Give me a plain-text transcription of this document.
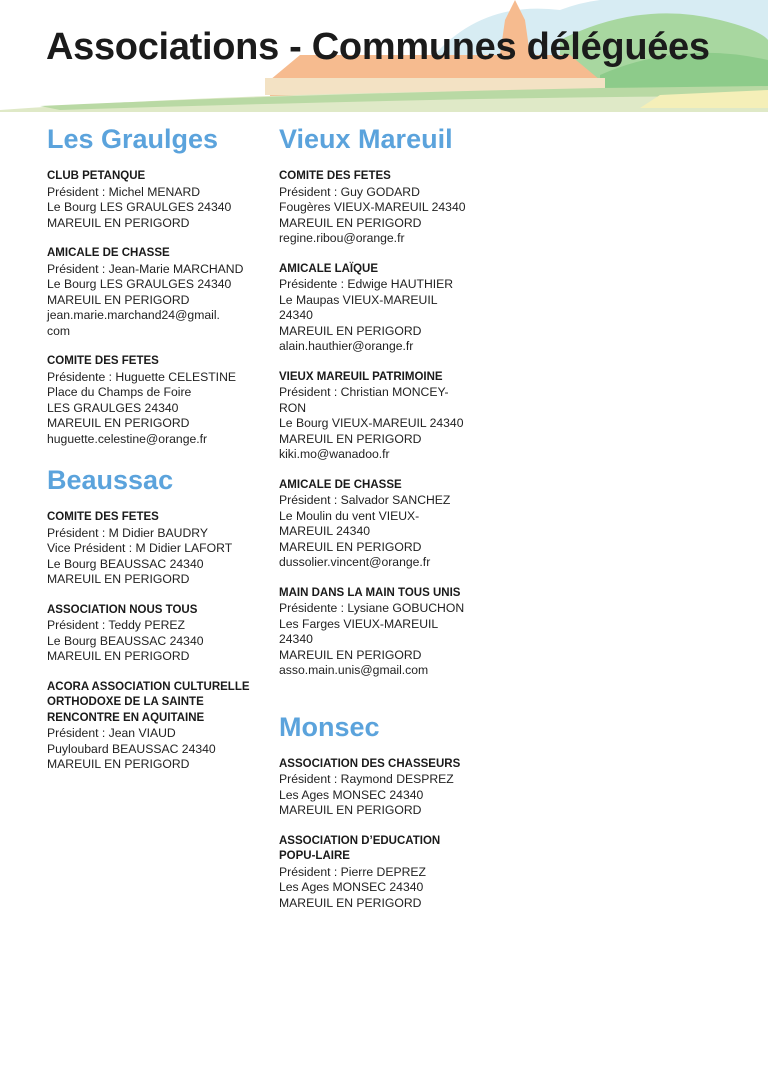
Associations - Communes déléguées
Les Graulges
CLUB PETANQUE
Président : Michel MENARD
Le Bourg LES GRAULGES 24340
MAREUIL EN PERIGORD
AMICALE DE CHASSE
Président : Jean-Marie MARCHAND
Le Bourg LES GRAULGES 24340
MAREUIL EN PERIGORD
jean.marie.marchand24@gmail.
com
COMITE DES FETES
Présidente : Huguette CELESTINE
Place du Champs de Foire
LES GRAULGES 24340
MAREUIL EN PERIGORD
huguette.celestine@orange.fr
Beaussac
COMITE DES FETES
Président : M Didier BAUDRY
Vice Président : M Didier LAFORT
Le Bourg BEAUSSAC 24340
MAREUIL EN PERIGORD
ASSOCIATION NOUS TOUS
Président : Teddy PEREZ
Le Bourg BEAUSSAC 24340
MAREUIL EN PERIGORD
ACORA ASSOCIATION CULTURELLE ORTHODOXE DE LA SAINTE RENCONTRE EN AQUITAINE
Président : Jean VIAUD
Puyloubard BEAUSSAC 24340
MAREUIL EN PERIGORD
Vieux Mareuil
COMITE DES FETES
Président : Guy GODARD
Fougères VIEUX-MAREUIL 24340
MAREUIL EN PERIGORD
regine.ribou@orange.fr
AMICALE LAÏQUE
Présidente : Edwige HAUTHIER
Le Maupas VIEUX-MAREUIL
24340
MAREUIL EN PERIGORD
alain.hauthier@orange.fr
VIEUX MAREUIL PATRIMOINE
Président : Christian MONCEY-
RON
Le Bourg VIEUX-MAREUIL 24340
MAREUIL EN PERIGORD
kiki.mo@wanadoo.fr
AMICALE DE CHASSE
Président : Salvador SANCHEZ
Le Moulin du vent VIEUX-
MAREUIL 24340
MAREUIL EN PERIGORD
dussolier.vincent@orange.fr
MAIN DANS LA MAIN TOUS UNIS
Présidente : Lysiane GOBUCHON
Les Farges VIEUX-MAREUIL
24340
MAREUIL EN PERIGORD
asso.main.unis@gmail.com
Monsec
ASSOCIATION DES CHASSEURS
Président : Raymond DESPREZ
Les Ages MONSEC 24340
MAREUIL EN PERIGORD
ASSOCIATION D’EDUCATION POPU-LAIRE
Président : Pierre DEPREZ
Les Ages MONSEC 24340
MAREUIL EN PERIGORD
